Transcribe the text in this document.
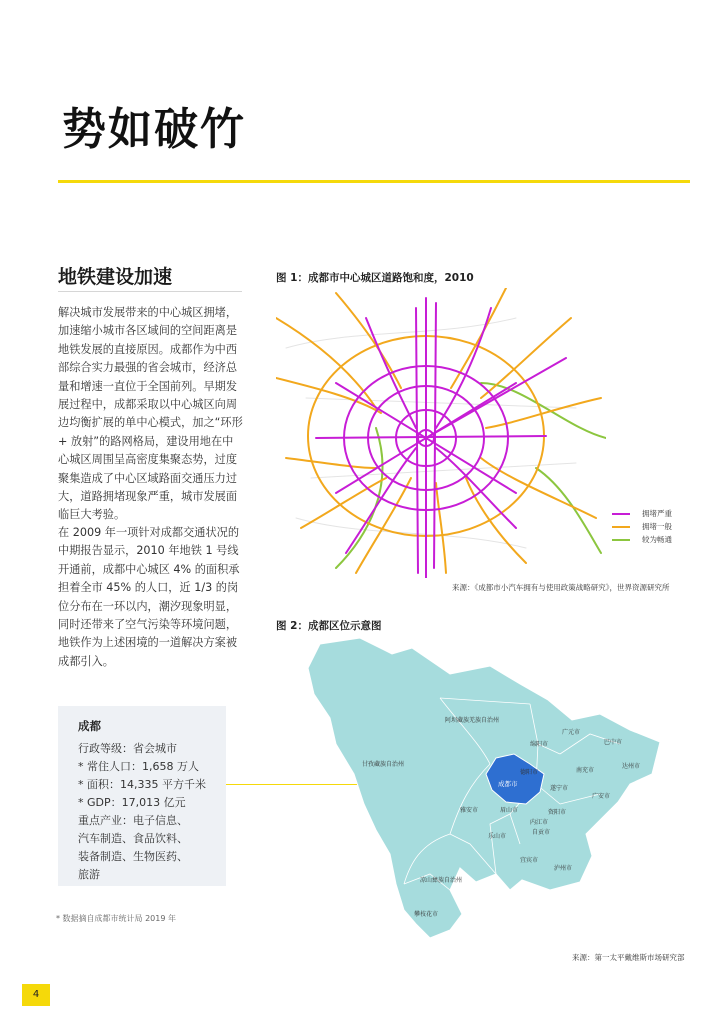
势如破竹
地铁建设加速

解决城市发展带来的中心城区拥堵，加速缩小城市各区域间的空间距离是地铁发展的直接原因。成都作为中西部综合实力最强的省会城市，经济总量和增速一直位于全国前列。早期发展过程中，成都采取以中心城区向周边均衡扩展的单中心模式，加之“环形 + 放射”的路网格局，建设用地在中心城区周围呈高密度集聚态势，过度聚集造成了中心区域路面交通压力过大，道路拥堵现象严重，城市发展面临巨大考验。

在 2009 年一项针对成都交通状况的中期报告显示，2010 年地铁 1 号线开通前，成都中心城区 4% 的面积承担着全市 45% 的人口，近 1/3 的岗位分布在一环以内，潮汐现象明显，同时还带来了空气污染等环境问题，地铁作为上述困境的一道解决方案被成都引入。

成都
行政等级：省会城市
* 常住人口：1,658 万人
* 面积：14,335 平方千米
* GDP：17,013 亿元
重点产业：电子信息、
汽车制造、食品饮料、
装备制造、生物医药、
旅游
* 数据摘自成都市统计局 2019 年
图 1：成都市中心城区道路饱和度，2010
拥堵严重
拥堵一般
较为畅通
来源：《成都市小汽车拥有与使用政策战略研究》，世界资源研究所
图 2：成都区位示意图
成都市
阿坝藏族羌族自治州
甘孜藏族自治州
广元市
巴中市
绵阳市
南充市
达州市
德阳市
遂宁市
广安市
雅安市	眉山市	资阳市
内江市
乐山市
自贡市
宜宾市
泸州市
凉山彝族自治州
攀枝花市
来源：第一太平戴维斯市场研究部
4
